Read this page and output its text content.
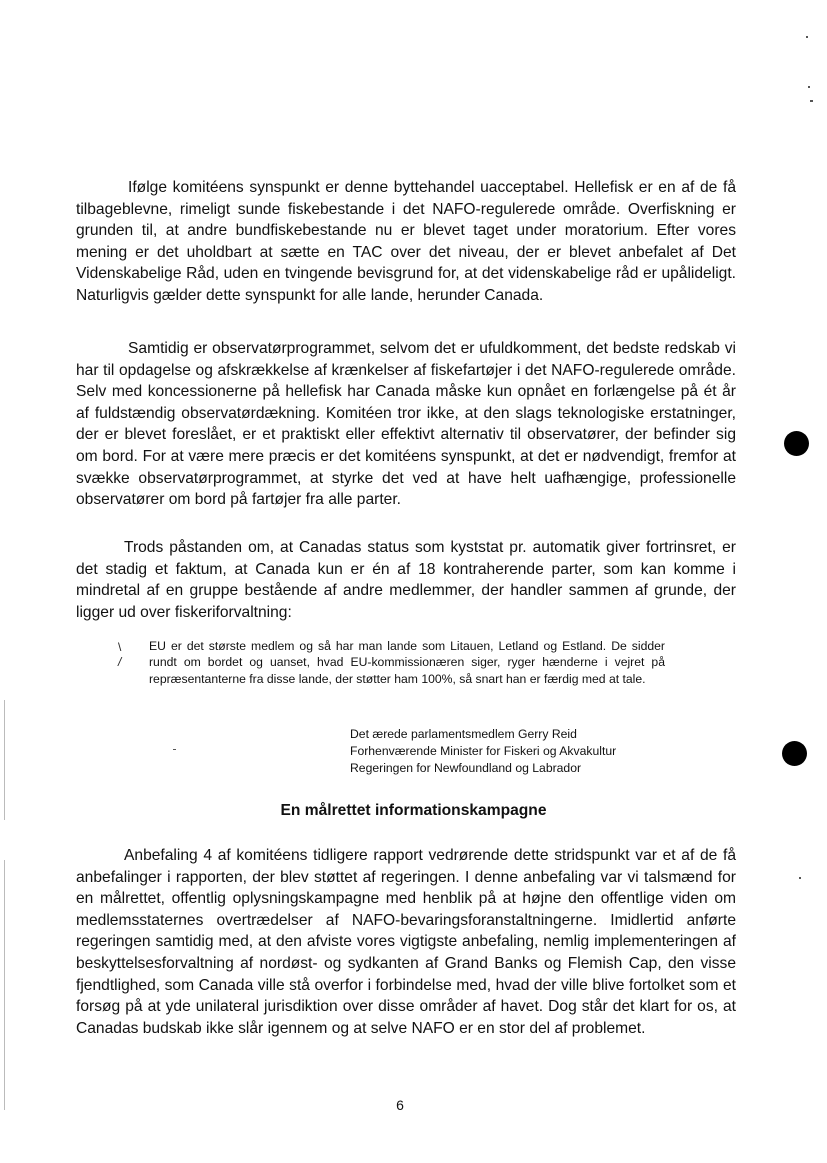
Ifølge komitéens synspunkt er denne byttehandel uacceptabel. Hellefisk er en af de få tilbageblevne, rimeligt sunde fiskebestande i det NAFO-regulerede område. Overfiskning er grunden til, at andre bundfiskebestande nu er blevet taget under moratorium. Efter vores mening er det uholdbart at sætte en TAC over det niveau, der er blevet anbefalet af Det Videnskabelige Råd, uden en tvingende bevisgrund for, at det videnskabelige råd er upålideligt. Naturligvis gælder dette synspunkt for alle lande, herunder Canada.

Samtidig er observatørprogrammet, selvom det er ufuldkomment, det bedste redskab vi har til opdagelse og afskrækkelse af krænkelser af fiskefartøjer i det NAFO-regulerede område. Selv med koncessionerne på hellefisk har Canada måske kun opnået en forlængelse på ét år af fuldstændig observatørdækning. Komitéen tror ikke, at den slags teknologiske erstatninger, der er blevet foreslået, er et praktiskt eller effektivt alternativ til observatører, der befinder sig om bord. For at være mere præcis er det komitéens synspunkt, at det er nødvendigt, fremfor at svække observatørprogrammet, at styrke det ved at have helt uafhængige, professionelle observatører om bord på fartøjer fra alle parter.

Trods påstanden om, at Canadas status som kyststat pr. automatik giver fortrinsret, er det stadig et faktum, at Canada kun er én af 18 kontraherende parter, som kan komme i mindretal af en gruppe bestående af andre medlemmer, der handler sammen af grunde, der ligger ud over fiskeriforvaltning:

\
/

EU er det største medlem og så har man lande som Litauen, Letland og Estland. De sidder rundt om bordet og uanset, hvad EU-kommissionæren siger, ryger hænderne i vejret på repræsentanterne fra disse lande, der støtter ham 100%, så snart han er færdig med at tale.

Det ærede parlamentsmedlem Gerry Reid
Forhenværende Minister for Fiskeri og Akvakultur
Regeringen for Newfoundland og Labrador
En målrettet informationskampagne

Anbefaling 4 af komitéens tidligere rapport vedrørende dette stridspunkt var et af de få anbefalinger i rapporten, der blev støttet af regeringen. I denne anbefaling var vi talsmænd for en målrettet, offentlig oplysningskampagne med henblik på at højne den offentlige viden om medlemsstaternes overtrædelser af NAFO-bevaringsforanstaltningerne. Imidlertid anførte regeringen samtidig med, at den afviste vores vigtigste anbefaling, nemlig implementeringen af beskyttelsesforvaltning af nordøst- og sydkanten af Grand Banks og Flemish Cap, den visse fjendtlighed, som Canada ville stå overfor i forbindelse med, hvad der ville blive fortolket som et forsøg på at yde unilateral jurisdiktion over disse områder af havet. Dog står det klart for os, at Canadas budskab ikke slår igennem og at selve NAFO er en stor del af problemet.

6
